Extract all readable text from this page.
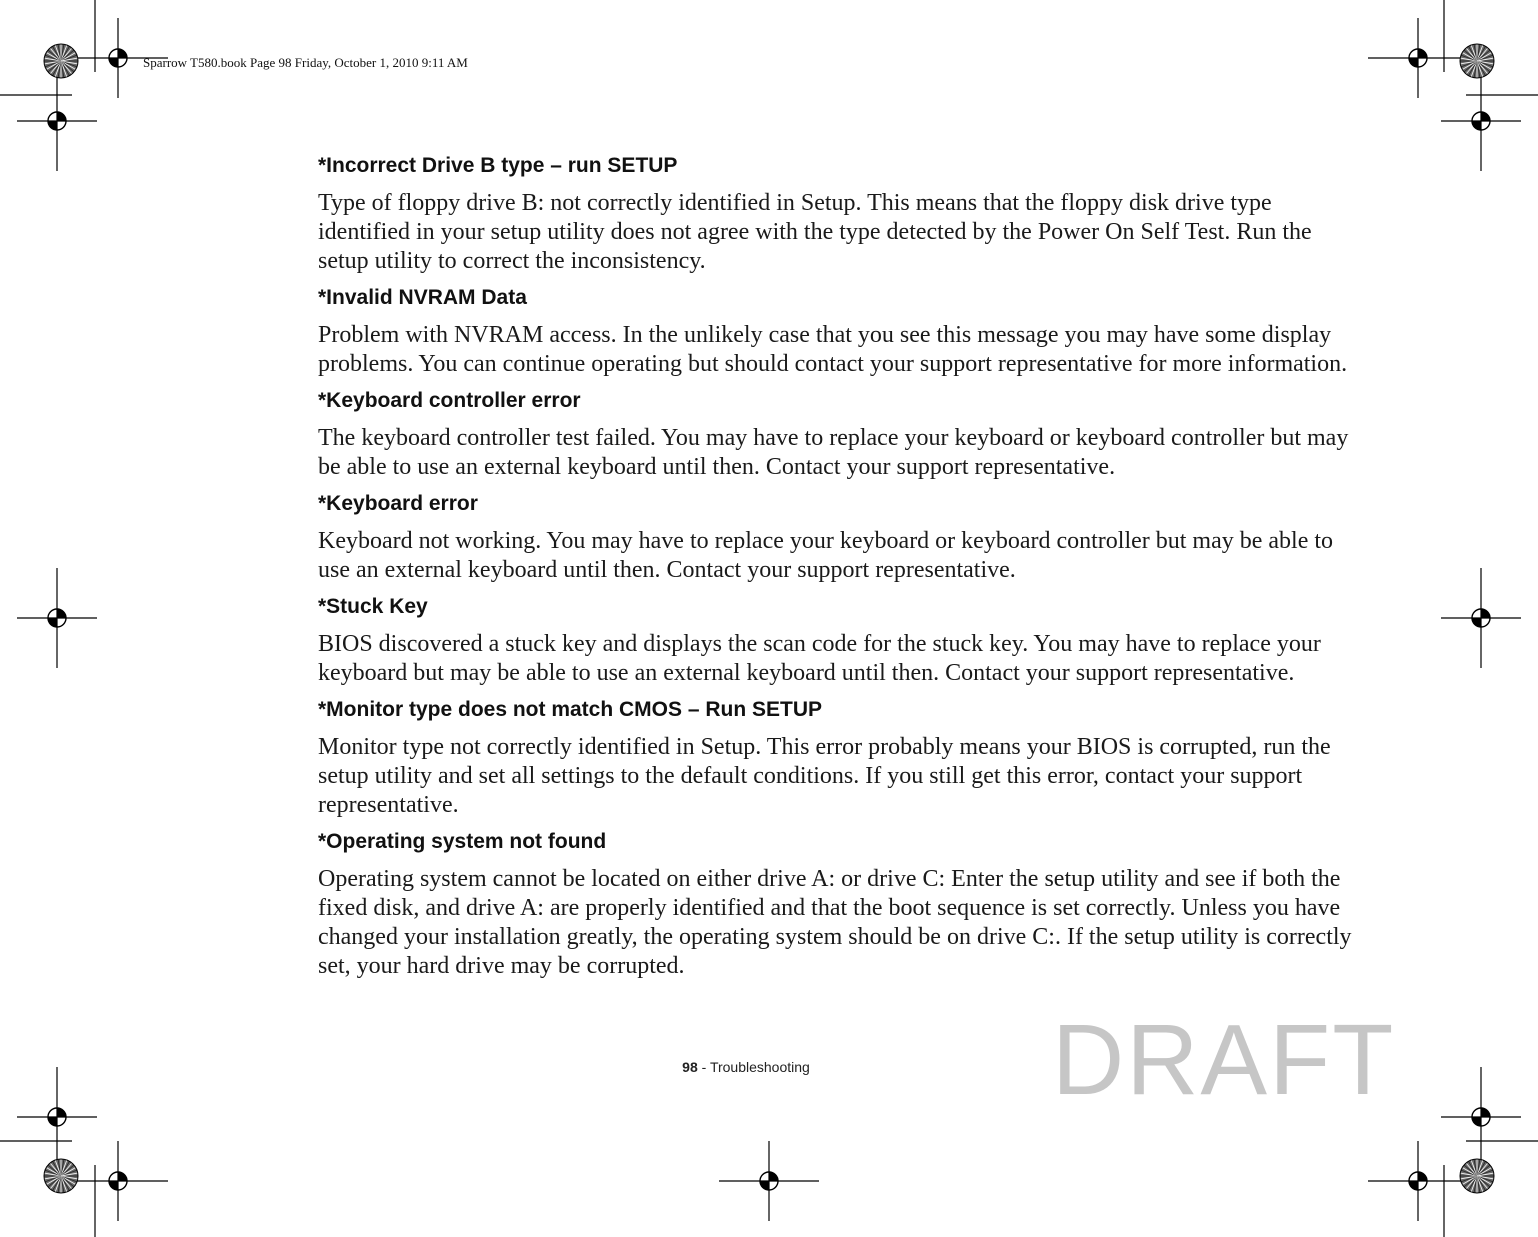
Sparrow T580.book Page 98 Friday, October 1, 2010 9:11 AM
*Incorrect Drive B type – run SETUP
Type of floppy drive B: not correctly identified in Setup. This means that the floppy disk drive type identified in your setup utility does not agree with the type detected by the Power On Self Test. Run the setup utility to correct the inconsistency.
*Invalid NVRAM Data
Problem with NVRAM access. In the unlikely case that you see this message you may have some display problems. You can continue operating but should contact your support representative for more information.
*Keyboard controller error
The keyboard controller test failed. You may have to replace your keyboard or keyboard controller but may be able to use an external keyboard until then. Contact your support representative.
*Keyboard error
Keyboard not working. You may have to replace your keyboard or keyboard controller but may be able to use an external keyboard until then. Contact your support representative.
*Stuck Key
BIOS discovered a stuck key and displays the scan code for the stuck key. You may have to replace your keyboard but may be able to use an external keyboard until then. Contact your support representative.
*Monitor type does not match CMOS – Run SETUP
Monitor type not correctly identified in Setup. This error probably means your BIOS is corrupted, run the setup utility and set all settings to the default conditions. If you still get this error, contact your support representative.
*Operating system not found
Operating system cannot be located on either drive A: or drive C: Enter the setup utility and see if both the fixed disk, and drive A: are properly identified and that the boot sequence is set correctly. Unless you have changed your installation greatly, the operating system should be on drive C:. If the setup utility is correctly set, your hard drive may be corrupted.
98 - Troubleshooting	DRAFT
